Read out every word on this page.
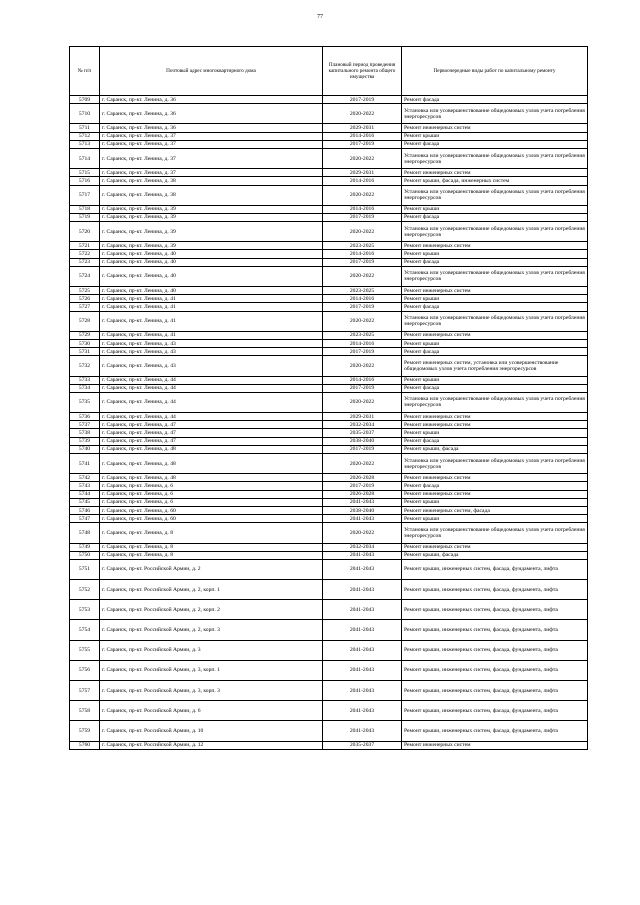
77
№ п/п	Почтовый адрес многоквартирного дома	Плановый период проведения капитального ремонта общего имущества	Первоочередные виды работ по капитальному ремонту
5709	г. Саранск, пр-кт. Ленина, д. 36	2017-2019	Ремонт фасада
5710	г. Саранск, пр-кт. Ленина, д. 36	2020-2022	Установка или усовершенствование общедомовых узлов учета потребления энергоресурсов
5711	г. Саранск, пр-кт. Ленина, д. 36	2029-2031	Ремонт инженерных систем
5712	г. Саранск, пр-кт. Ленина, д. 37	2014-2016	Ремонт крыши
5713	г. Саранск, пр-кт. Ленина, д. 37	2017-2019	Ремонт фасада
5714	г. Саранск, пр-кт. Ленина, д. 37	2020-2022	Установка или усовершенствование общедомовых узлов учета потребления энергоресурсов
5715	г. Саранск, пр-кт. Ленина, д. 37	2029-2031	Ремонт инженерных систем
5716	г. Саранск, пр-кт. Ленина, д. 38	2014-2016	Ремонт крыши, фасада, инженерных систем
5717	г. Саранск, пр-кт. Ленина, д. 38	2020-2022	Установка или усовершенствование общедомовых узлов учета потребления энергоресурсов
5718	г. Саранск, пр-кт. Ленина, д. 39	2014-2016	Ремонт крыши
5719	г. Саранск, пр-кт. Ленина, д. 39	2017-2019	Ремонт фасада
5720	г. Саранск, пр-кт. Ленина, д. 39	2020-2022	Установка или усовершенствование общедомовых узлов учета потребления энергоресурсов
5721	г. Саранск, пр-кт. Ленина, д. 39	2023-2025	Ремонт инженерных систем
5722	г. Саранск, пр-кт. Ленина, д. 40	2014-2016	Ремонт крыши
5723	г. Саранск, пр-кт. Ленина, д. 40	2017-2019	Ремонт фасада
5724	г. Саранск, пр-кт. Ленина, д. 40	2020-2022	Установка или усовершенствование общедомовых узлов учета потребления энергоресурсов
5725	г. Саранск, пр-кт. Ленина, д. 40	2023-2025	Ремонт инженерных систем
5726	г. Саранск, пр-кт. Ленина, д. 41	2014-2016	Ремонт крыши
5727	г. Саранск, пр-кт. Ленина, д. 41	2017-2019	Ремонт фасада
5728	г. Саранск, пр-кт. Ленина, д. 41	2020-2022	Установка или усовершенствование общедомовых узлов учета потребления энергоресурсов
5729	г. Саранск, пр-кт. Ленина, д. 41	2023-2025	Ремонт инженерных систем
5730	г. Саранск, пр-кт. Ленина, д. 43	2014-2016	Ремонт крыши
5731	г. Саранск, пр-кт. Ленина, д. 43	2017-2019	Ремонт фасада
5732	г. Саранск, пр-кт. Ленина, д. 43	2020-2022	Ремонт инженерных систем, установка или усовершенствование общедомовых узлов учета потребления энергоресурсов
5733	г. Саранск, пр-кт. Ленина, д. 44	2014-2016	Ремонт крыши
5734	г. Саранск, пр-кт. Ленина, д. 44	2017-2019	Ремонт фасада
5735	г. Саранск, пр-кт. Ленина, д. 44	2020-2022	Установка или усовершенствование общедомовых узлов учета потребления энергоресурсов
5736	г. Саранск, пр-кт. Ленина, д. 44	2029-2031	Ремонт инженерных систем
5737	г. Саранск, пр-кт. Ленина, д. 47	2032-2034	Ремонт инженерных систем
5738	г. Саранск, пр-кт. Ленина, д. 47	2035-2037	Ремонт крыши
5739	г. Саранск, пр-кт. Ленина, д. 47	2038-2040	Ремонт фасада
5740	г. Саранск, пр-кт. Ленина, д. 48	2017-2019	Ремонт крыши, фасада
5741	г. Саранск, пр-кт. Ленина, д. 48	2020-2022	Установка или усовершенствование общедомовых узлов учета потребления энергоресурсов
5742	г. Саранск, пр-кт. Ленина, д. 48	2026-2028	Ремонт инженерных систем
5743	г. Саранск, пр-кт. Ленина, д. 6	2017-2019	Ремонт фасада
5744	г. Саранск, пр-кт. Ленина, д. 6	2026-2028	Ремонт инженерных систем
5745	г. Саранск, пр-кт. Ленина, д. 6	2041-2043	Ремонт крыши
5746	г. Саранск, пр-кт. Ленина, д. 60	2038-2040	Ремонт инженерных систем, фасада
5747	г. Саранск, пр-кт. Ленина, д. 60	2041-2043	Ремонт крыши
5748	г. Саранск, пр-кт. Ленина, д. 8	2020-2022	Установка или усовершенствование общедомовых узлов учета потребления энергоресурсов
5749	г. Саранск, пр-кт. Ленина, д. 8	2032-2034	Ремонт инженерных систем
5750	г. Саранск, пр-кт. Ленина, д. 8	2041-2043	Ремонт крыши, фасада
5751	г. Саранск, пр-кт. Российской Армии, д. 2	2041-2043	Ремонт крыши, инженерных систем, фасада, фундамента, лифта
5752	г. Саранск, пр-кт. Российской Армии, д. 2, корп. 1	2041-2043	Ремонт крыши, инженерных систем, фасада, фундамента, лифта
5753	г. Саранск, пр-кт. Российской Армии, д. 2, корп. 2	2041-2043	Ремонт крыши, инженерных систем, фасада, фундамента, лифта
5754	г. Саранск, пр-кт. Российской Армии, д. 2, корп. 3	2041-2043	Ремонт крыши, инженерных систем, фасада, фундамента, лифта
5755	г. Саранск, пр-кт. Российской Армии, д. 3	2041-2043	Ремонт крыши, инженерных систем, фасада, фундамента, лифта
5756	г. Саранск, пр-кт. Российской Армии, д. 3, корп. 1	2041-2043	Ремонт крыши, инженерных систем, фасада, фундамента, лифта
5757	г. Саранск, пр-кт. Российской Армии, д. 3, корп. 3	2041-2043	Ремонт крыши, инженерных систем, фасада, фундамента, лифта
5758	г. Саранск, пр-кт. Российской Армии, д. 6	2041-2043	Ремонт крыши, инженерных систем, фасада, фундамента, лифта
5759	г. Саранск, пр-кт. Российской Армии, д. 10	2041-2043	Ремонт крыши, инженерных систем, фасада, фундамента, лифта
5760	г. Саранск, пр-кт. Российской Армии, д. 12	2035-2037	Ремонт инженерных систем
